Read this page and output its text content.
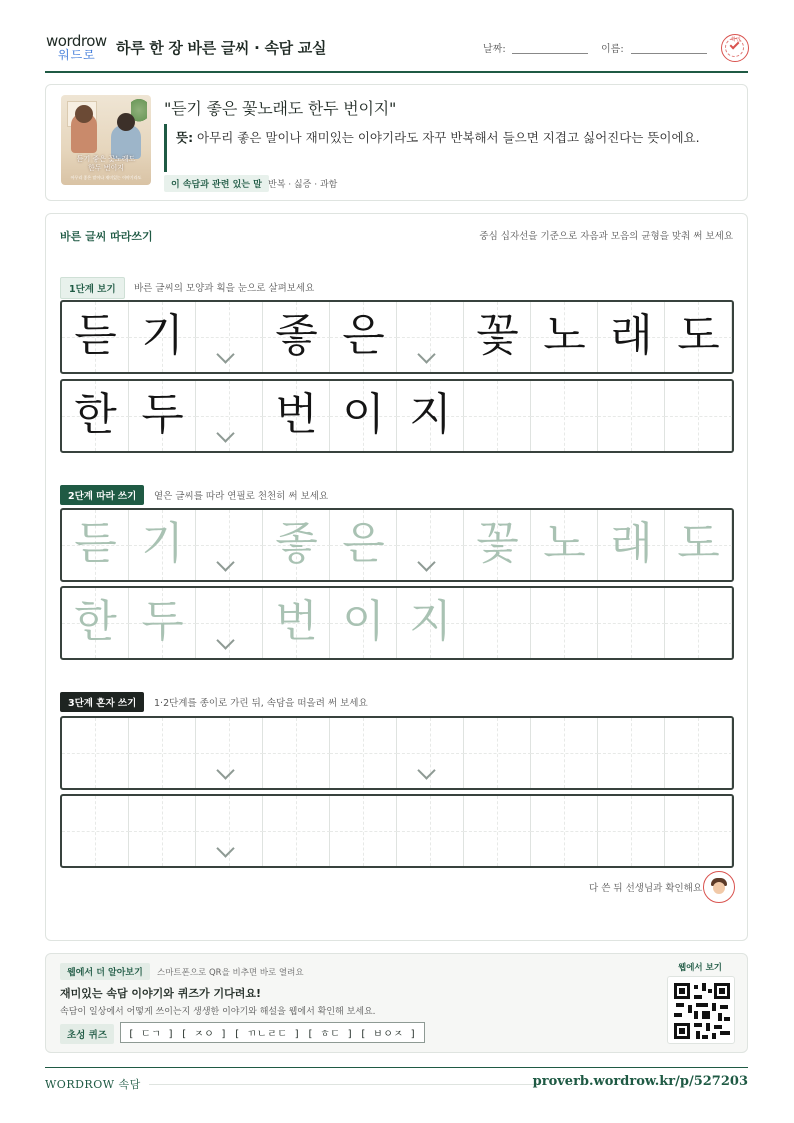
wordrow
워드로 하루 한 장 바른 글씨 · 속담 교실	날짜:	이름:
확인
듣기 좋은 꽃노래도
한두 번이지
아무리 좋은 말이나 재미있는 이야기라도
"듣기 좋은 꽃노래도 한두 번이지"
뜻: 아무리 좋은 말이나 재미있는 이야기라도 자꾸 반복해서 들으면 지겹고 싫어진다는 뜻이에요.
이 속담과 관련 있는 말 반복 · 싫증 · 과함
바른 글씨 따라쓰기	중심 십자선을 기준으로 자음과 모음의 균형을 맞춰 써 보세요
1단계 보기	바른 글씨의 모양과 획을 눈으로 살펴보세요
듣 기 좋 은 꽃 노 래 도
한 두 번 이 지
2단계 따라 쓰기	옅은 글씨를 따라 연필로 천천히 써 보세요
듣 기 좋 은 꽃 노 래 도
한 두 번 이 지
3단계 혼자 쓰기	1·2단계를 종이로 가린 뒤, 속담을 떠올려 써 보세요
다 쓴 뒤 선생님과 확인해요
웹에서 더 알아보기	스마트폰으로 QR을 비추면 바로 열려요
재미있는 속담 이야기와 퀴즈가 기다려요!
속담이 일상에서 어떻게 쓰이는지 생생한 이야기와 해설을 웹에서 확인해 보세요.
초성 퀴즈	[ ㄷㄱ ] [ ㅈㅇ ] [ ㄲㄴㄹㄷ ] [ ㅎㄷ ] [ ㅂㅇㅈ ]
웹에서 보기
WORDROW 속담	proverb.wordrow.kr/p/527203
